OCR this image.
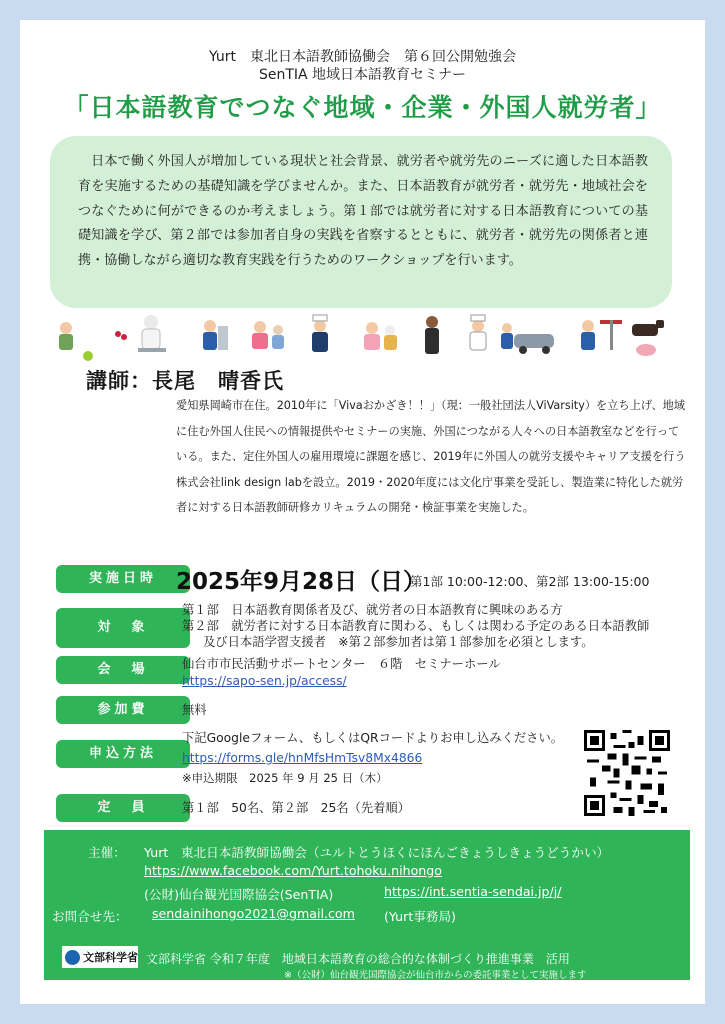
Yurt　東北日本語教師協働会　第６回公開勉強会
SenTIA 地域日本語教育セミナー
「日本語教育でつなぐ地域・企業・外国人就労者」
日本で働く外国人が増加している現状と社会背景、就労者や就労先のニーズに適した日本語教育を実施するための基礎知識を学びませんか。また、日本語教育が就労者・就労先・地域社会をつなぐために何ができるのか考えましょう。第１部では就労者に対する日本語教育についての基礎知識を学び、第２部では参加者自身の実践を省察するとともに、就労者・就労先の関係者と連携・協働しながら適切な教育実践を行うためのワークショップを行います。
講師：長尾　晴香氏
愛知県岡崎市在住。2010年に「Vivaおかざき！！」（現：一般社団法人ViVarsity）を立ち上げ、地域に住む外国人住民への情報提供やセミナーの実施、外国につながる人々への日本語教室などを行っている。また、定住外国人の雇用環境に課題を感じ、2019年に外国人の就労支援やキャリア支援を行う株式会社link design labを設立。2019・2020年度には文化庁事業を受託し、製造業に特化した就労者に対する日本語教師研修カリキュラムの開発・検証事業を実施した。
実施日時 2025年9月28日（日）
第1部 10:00-12:00、第2部 13:00-15:00
対　象
第１部　日本語教育関係者及び、就労者の日本語教育に興味のある方
第２部　就労者に対する日本語教育に関わる、もしくは関わる予定のある日本語教師
及び日本語学習支援者　※第２部参加者は第１部参加を必須とします。
会　場	仙台市市民活動サポートセンター　６階　セミナーホール
https://sapo-sen.jp/access/
参加費	無料
申込方法
下記Googleフォーム、もしくはQRコードよりお申し込みください。
https://forms.gle/hnMfsHmTsv8Mx4866
※申込期限　2025 年 9 月 25 日（木）
定　員	第１部　50名、第２部　25名（先着順）
主催： Yurt　東北日本語教師協働会（ユルトとうほくにほんごきょうしきょうどうかい）
https://www.facebook.com/Yurt.tohoku.nihongo
(公財)仙台観光国際協会(SenTIA)	https://int.sentia-sendai.jp/j/
お問合せ先： sendainihongo2021@gmail.com (Yurt事務局)
文部科学省 文部科学省 令和７年度　地域日本語教育の総合的な体制づくり推進事業　活用
※（公財）仙台観光国際協会が仙台市からの委託事業として実施します
